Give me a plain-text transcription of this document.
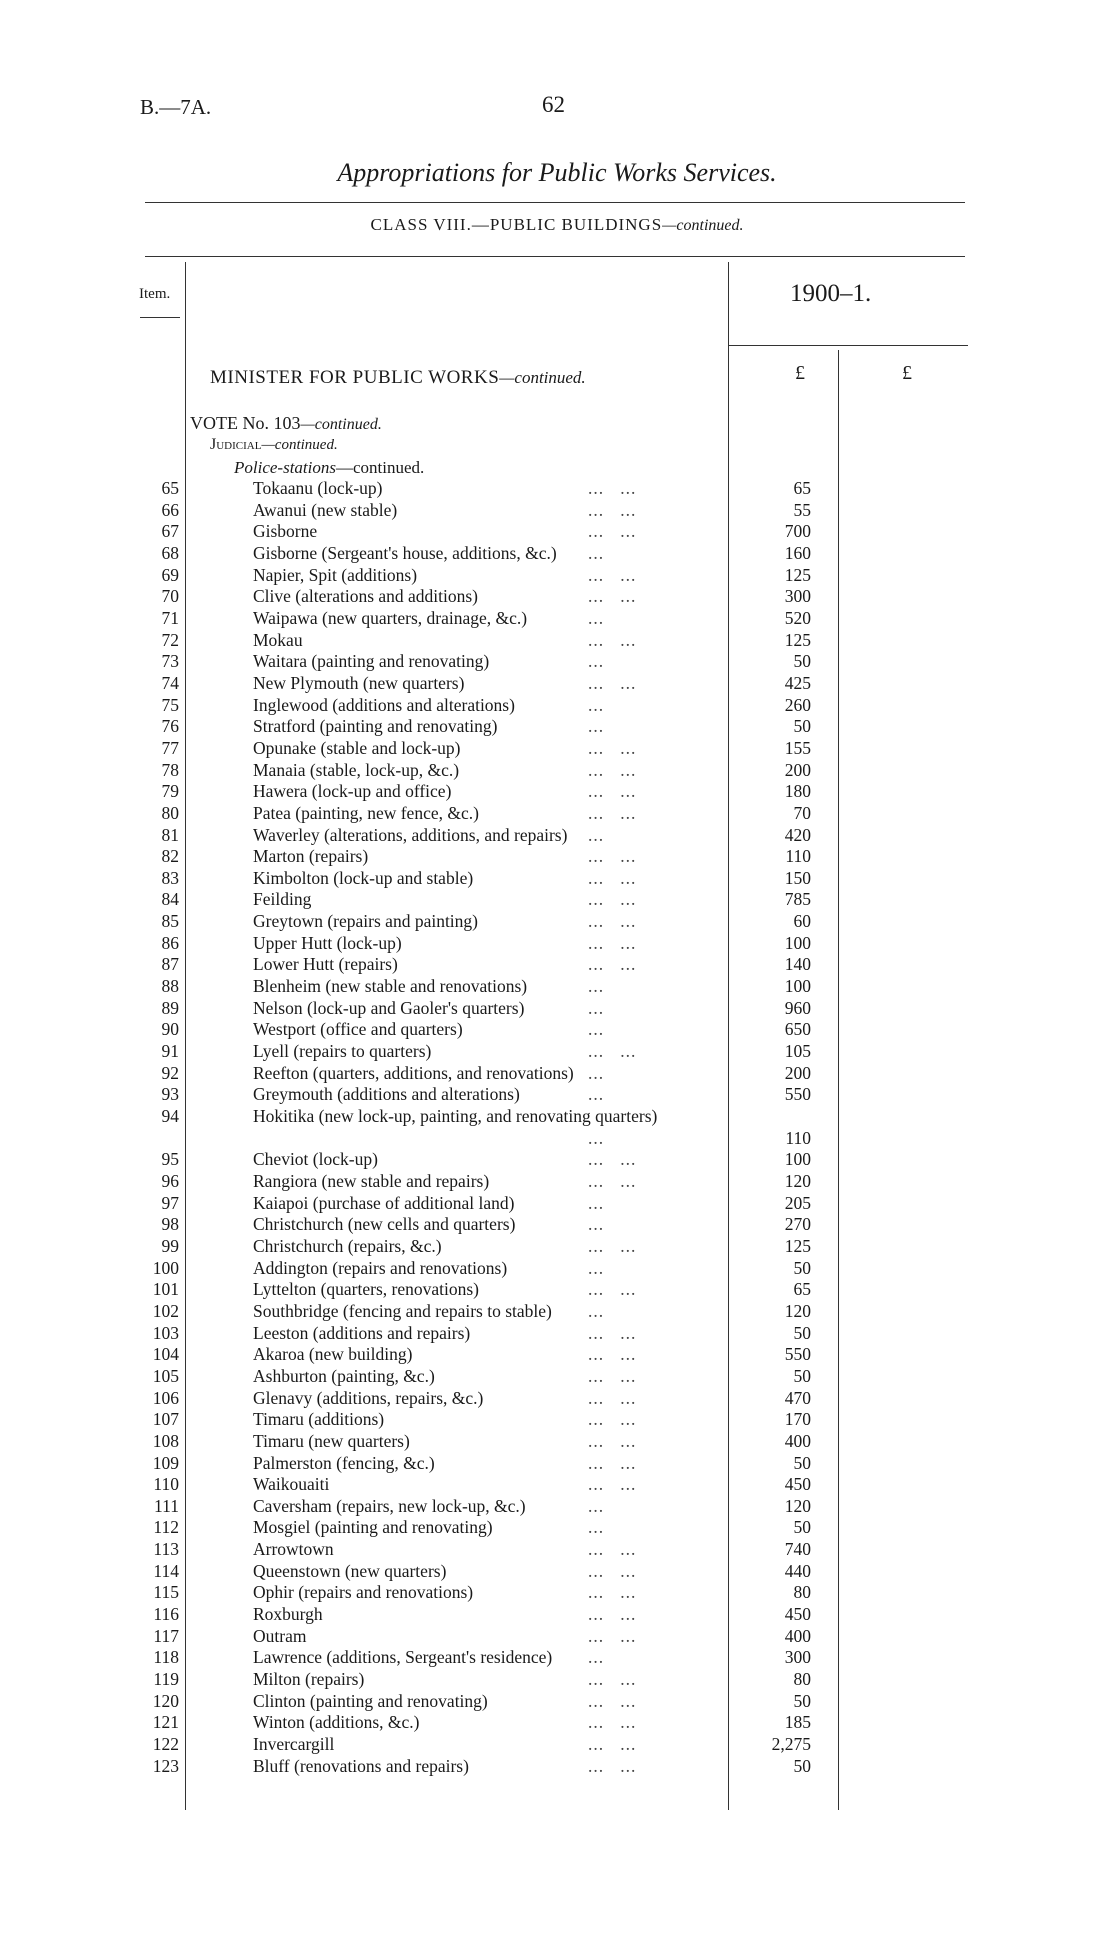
B.—7A.	62
Appropriations for Public Works Services.
CLASS VIII.—PUBLIC BUILDINGS—continued.
Item.	1900–1.
£	£
MINISTER FOR PUBLIC WORKS—continued.
VOTE No. 103—continued.
Judicial—continued.
Police-stations—continued.
65	Tokaanu (lock-up)	...   ...	65
66	Awanui (new stable)	...   ...	55
67	Gisborne	...   ...	700
68	Gisborne (Sergeant's house, additions, &c.) ...	160
69	Napier, Spit (additions)	...   ...	125
70	Clive (alterations and additions)	...   ...	300
71	Waipawa (new quarters, drainage, &c.)	...	520
72	Mokau	...   ...	125
73	Waitara (painting and renovating)	...	50
74	New Plymouth (new quarters)	...   ...	425
75	Inglewood (additions and alterations)	...	260
76	Stratford (painting and renovating)	...	50
77	Opunake (stable and lock-up)	...   ...	155
78	Manaia (stable, lock-up, &c.)	...   ...	200
79	Hawera (lock-up and office)	...   ...	180
80	Patea (painting, new fence, &c.)	...   ...	70
81	Waverley (alterations, additions, and repairs) ...	420
82	Marton (repairs)	...   ...	110
83	Kimbolton (lock-up and stable)	...   ...	150
84	Feilding	...   ...	785
85	Greytown (repairs and painting)	...   ...	60
86	Upper Hutt (lock-up)	...   ...	100
87	Lower Hutt (repairs)	...   ...	140
88	Blenheim (new stable and renovations)	...	100
89	Nelson (lock-up and Gaoler's quarters)	...	960
90	Westport (office and quarters)	...	650
91	Lyell (repairs to quarters)	...   ...	105
92	Reefton (quarters, additions, and renovations) ...	200
93	Greymouth (additions and alterations)	...	550
94	Hokitika (new lock-up, painting, and renovating quarters)
...	110
95	Cheviot (lock-up)	...   ...	100
96	Rangiora (new stable and repairs)	...   ...	120
97	Kaiapoi (purchase of additional land)	...	205
98	Christchurch (new cells and quarters)	...	270
99	Christchurch (repairs, &c.)	...   ...	125
100	Addington (repairs and renovations)	...	50
101	Lyttelton (quarters, renovations)	...   ...	65
102	Southbridge (fencing and repairs to stable) ...	120
103	Leeston (additions and repairs)	...   ...	50
104	Akaroa (new building)	...   ...	550
105	Ashburton (painting, &c.)	...   ...	50
106	Glenavy (additions, repairs, &c.)	...   ...	470
107	Timaru (additions)	...   ...	170
108	Timaru (new quarters)	...   ...	400
109	Palmerston (fencing, &c.)	...   ...	50
110	Waikouaiti	...   ...	450
111	Caversham (repairs, new lock-up, &c.)	...	120
112	Mosgiel (painting and renovating)	...	50
113	Arrowtown	...   ...	740
114	Queenstown (new quarters)	...   ...	440
115	Ophir (repairs and renovations)	...   ...	80
116	Roxburgh	...   ...	450
117	Outram	...   ...	400
118	Lawrence (additions, Sergeant's residence) ...	300
119	Milton (repairs)	...   ...	80
120	Clinton (painting and renovating)	...   ...	50
121	Winton (additions, &c.)	...   ...	185
122	Invercargill	...   ...	2,275
123	Bluff (renovations and repairs)	...   ...	50
